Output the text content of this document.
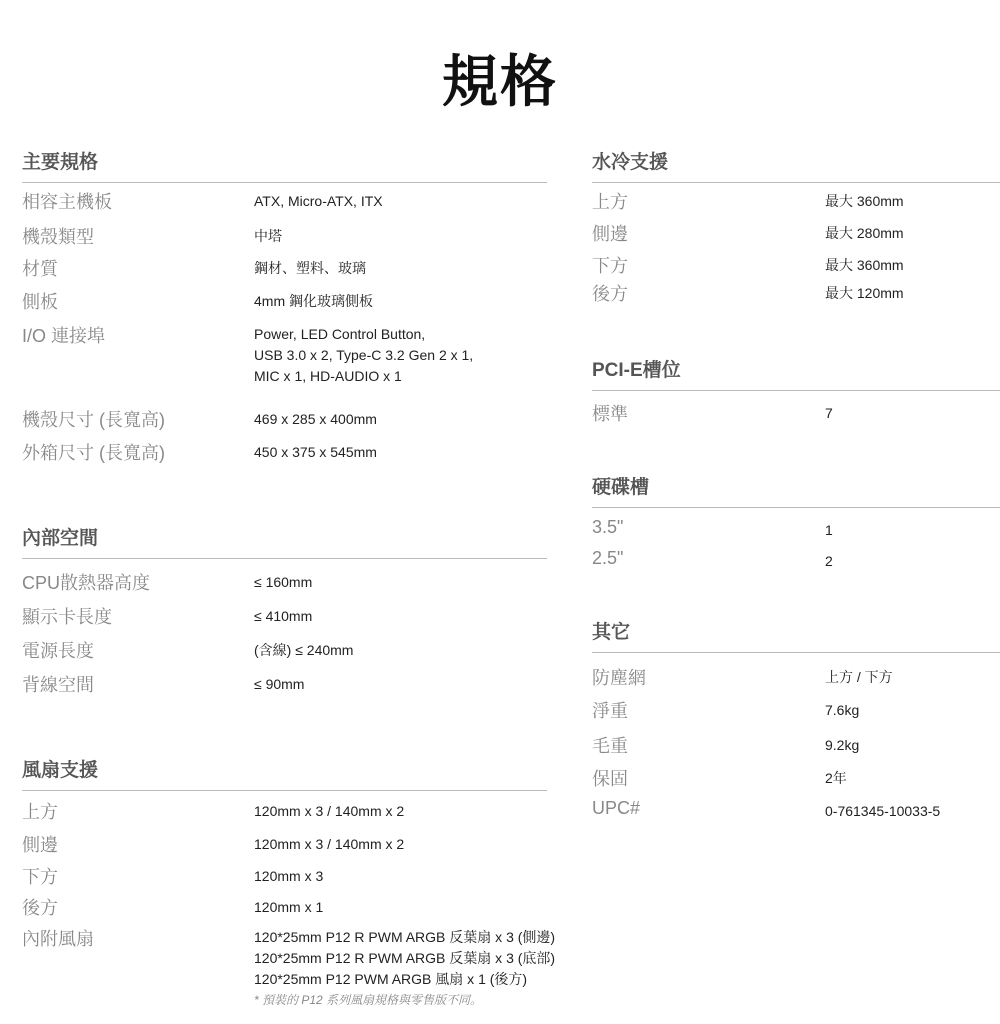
規格
主要規格
相容主機板	ATX, Micro-ATX, ITX
機殼類型	中塔
材質	鋼材、塑料、玻璃
側板	4mm 鋼化玻璃側板
I/O 連接埠	Power, LED Control Button,
USB 3.0 x 2, Type-C 3.2 Gen 2 x 1,
MIC x 1, HD-AUDIO x 1
機殼尺寸 (長寬高)	469 x 285 x 400mm
外箱尺寸 (長寬高)	450 x 375 x 545mm
內部空間
CPU散熱器高度	≤ 160mm
顯示卡長度	≤ 410mm
電源長度	(含線) ≤ 240mm
背線空間	≤ 90mm
風扇支援
上方	120mm x 3 / 140mm x 2
側邊	120mm x 3 / 140mm x 2
下方	120mm x 3
後方	120mm x 1
內附風扇	120*25mm P12 R PWM ARGB 反葉扇 x 3 (側邊)
120*25mm P12 R PWM ARGB 反葉扇 x 3 (底部)
120*25mm P12 PWM ARGB 風扇 x 1 (後方)
* 預裝的 P12 系列風扇規格與零售版不同。
水冷支援
上方	最大 360mm
側邊	最大 280mm
下方	最大 360mm
後方	最大 120mm
PCI-E槽位
標準	7
硬碟槽
3.5"	1
2.5"	2
其它
防塵網	上方 / 下方
淨重	7.6kg
毛重	9.2kg
保固	2年
UPC#	0-761345-10033-5
